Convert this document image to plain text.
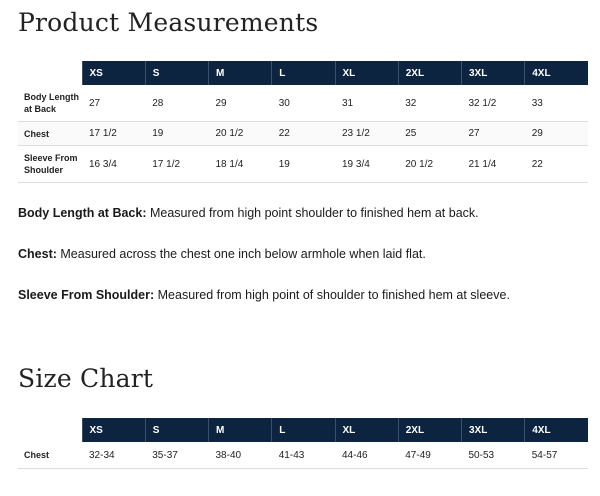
Product Measurements
	XS	S	M	L	XL	2XL	3XL	4XL
Body Length at Back	27	28	29	30	31	32	32 1/2	33
Chest	17 1/2	19	20 1/2	22	23 1/2	25	27	29
Sleeve From Shoulder	16 3/4	17 1/2	18 1/4	19	19 3/4	20 1/2	21 1/4	22

Body Length at Back: Measured from high point shoulder to finished hem at back.

Chest: Measured across the chest one inch below armhole when laid flat.

Sleeve From Shoulder: Measured from high point of shoulder to finished hem at sleeve.

Size Chart
	XS	S	M	L	XL	2XL	3XL	4XL
Chest	32-34	35-37	38-40	41-43	44-46	47-49	50-53	54-57
